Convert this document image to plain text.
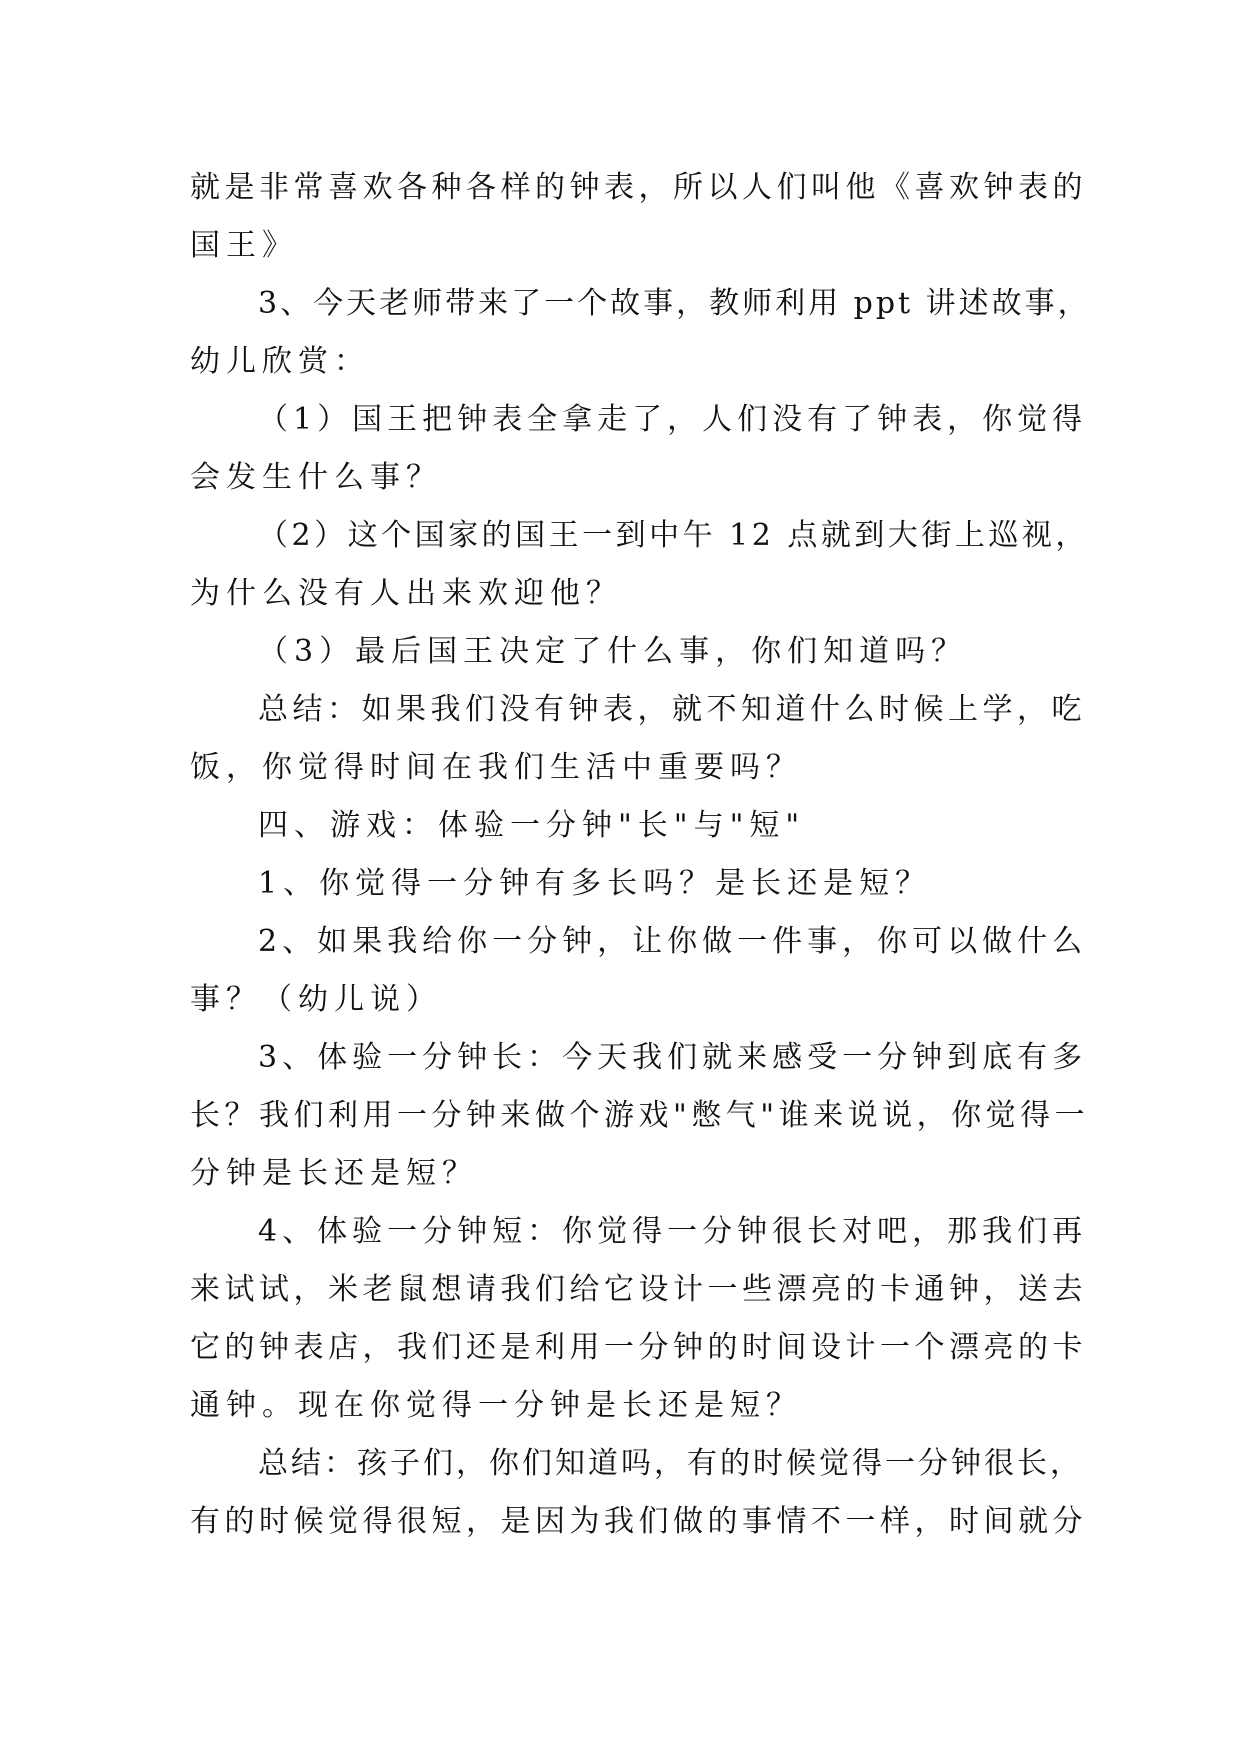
就是非常喜欢各种各样的钟表，所以人们叫他《喜欢钟表的
国王》
3、今天老师带来了一个故事，教师利用 ppt 讲述故事，
幼儿欣赏：
（1）国王把钟表全拿走了，人们没有了钟表，你觉得
会发生什么事？
（2）这个国家的国王一到中午 12 点就到大街上巡视，
为什么没有人出来欢迎他？
（3）最后国王决定了什么事，你们知道吗？
总结：如果我们没有钟表，就不知道什么时候上学，吃
饭，你觉得时间在我们生活中重要吗？
四、游戏：体验一分钟"长"与"短"
1、你觉得一分钟有多长吗？是长还是短？
2、如果我给你一分钟，让你做一件事，你可以做什么
事？（幼儿说）
3、体验一分钟长：今天我们就来感受一分钟到底有多
长？我们利用一分钟来做个游戏"憋气"谁来说说，你觉得一
分钟是长还是短？
4、体验一分钟短：你觉得一分钟很长对吧，那我们再
来试试，米老鼠想请我们给它设计一些漂亮的卡通钟，送去
它的钟表店，我们还是利用一分钟的时间设计一个漂亮的卡
通钟。现在你觉得一分钟是长还是短？
总结：孩子们，你们知道吗，有的时候觉得一分钟很长，
有的时候觉得很短，是因为我们做的事情不一样，时间就分
